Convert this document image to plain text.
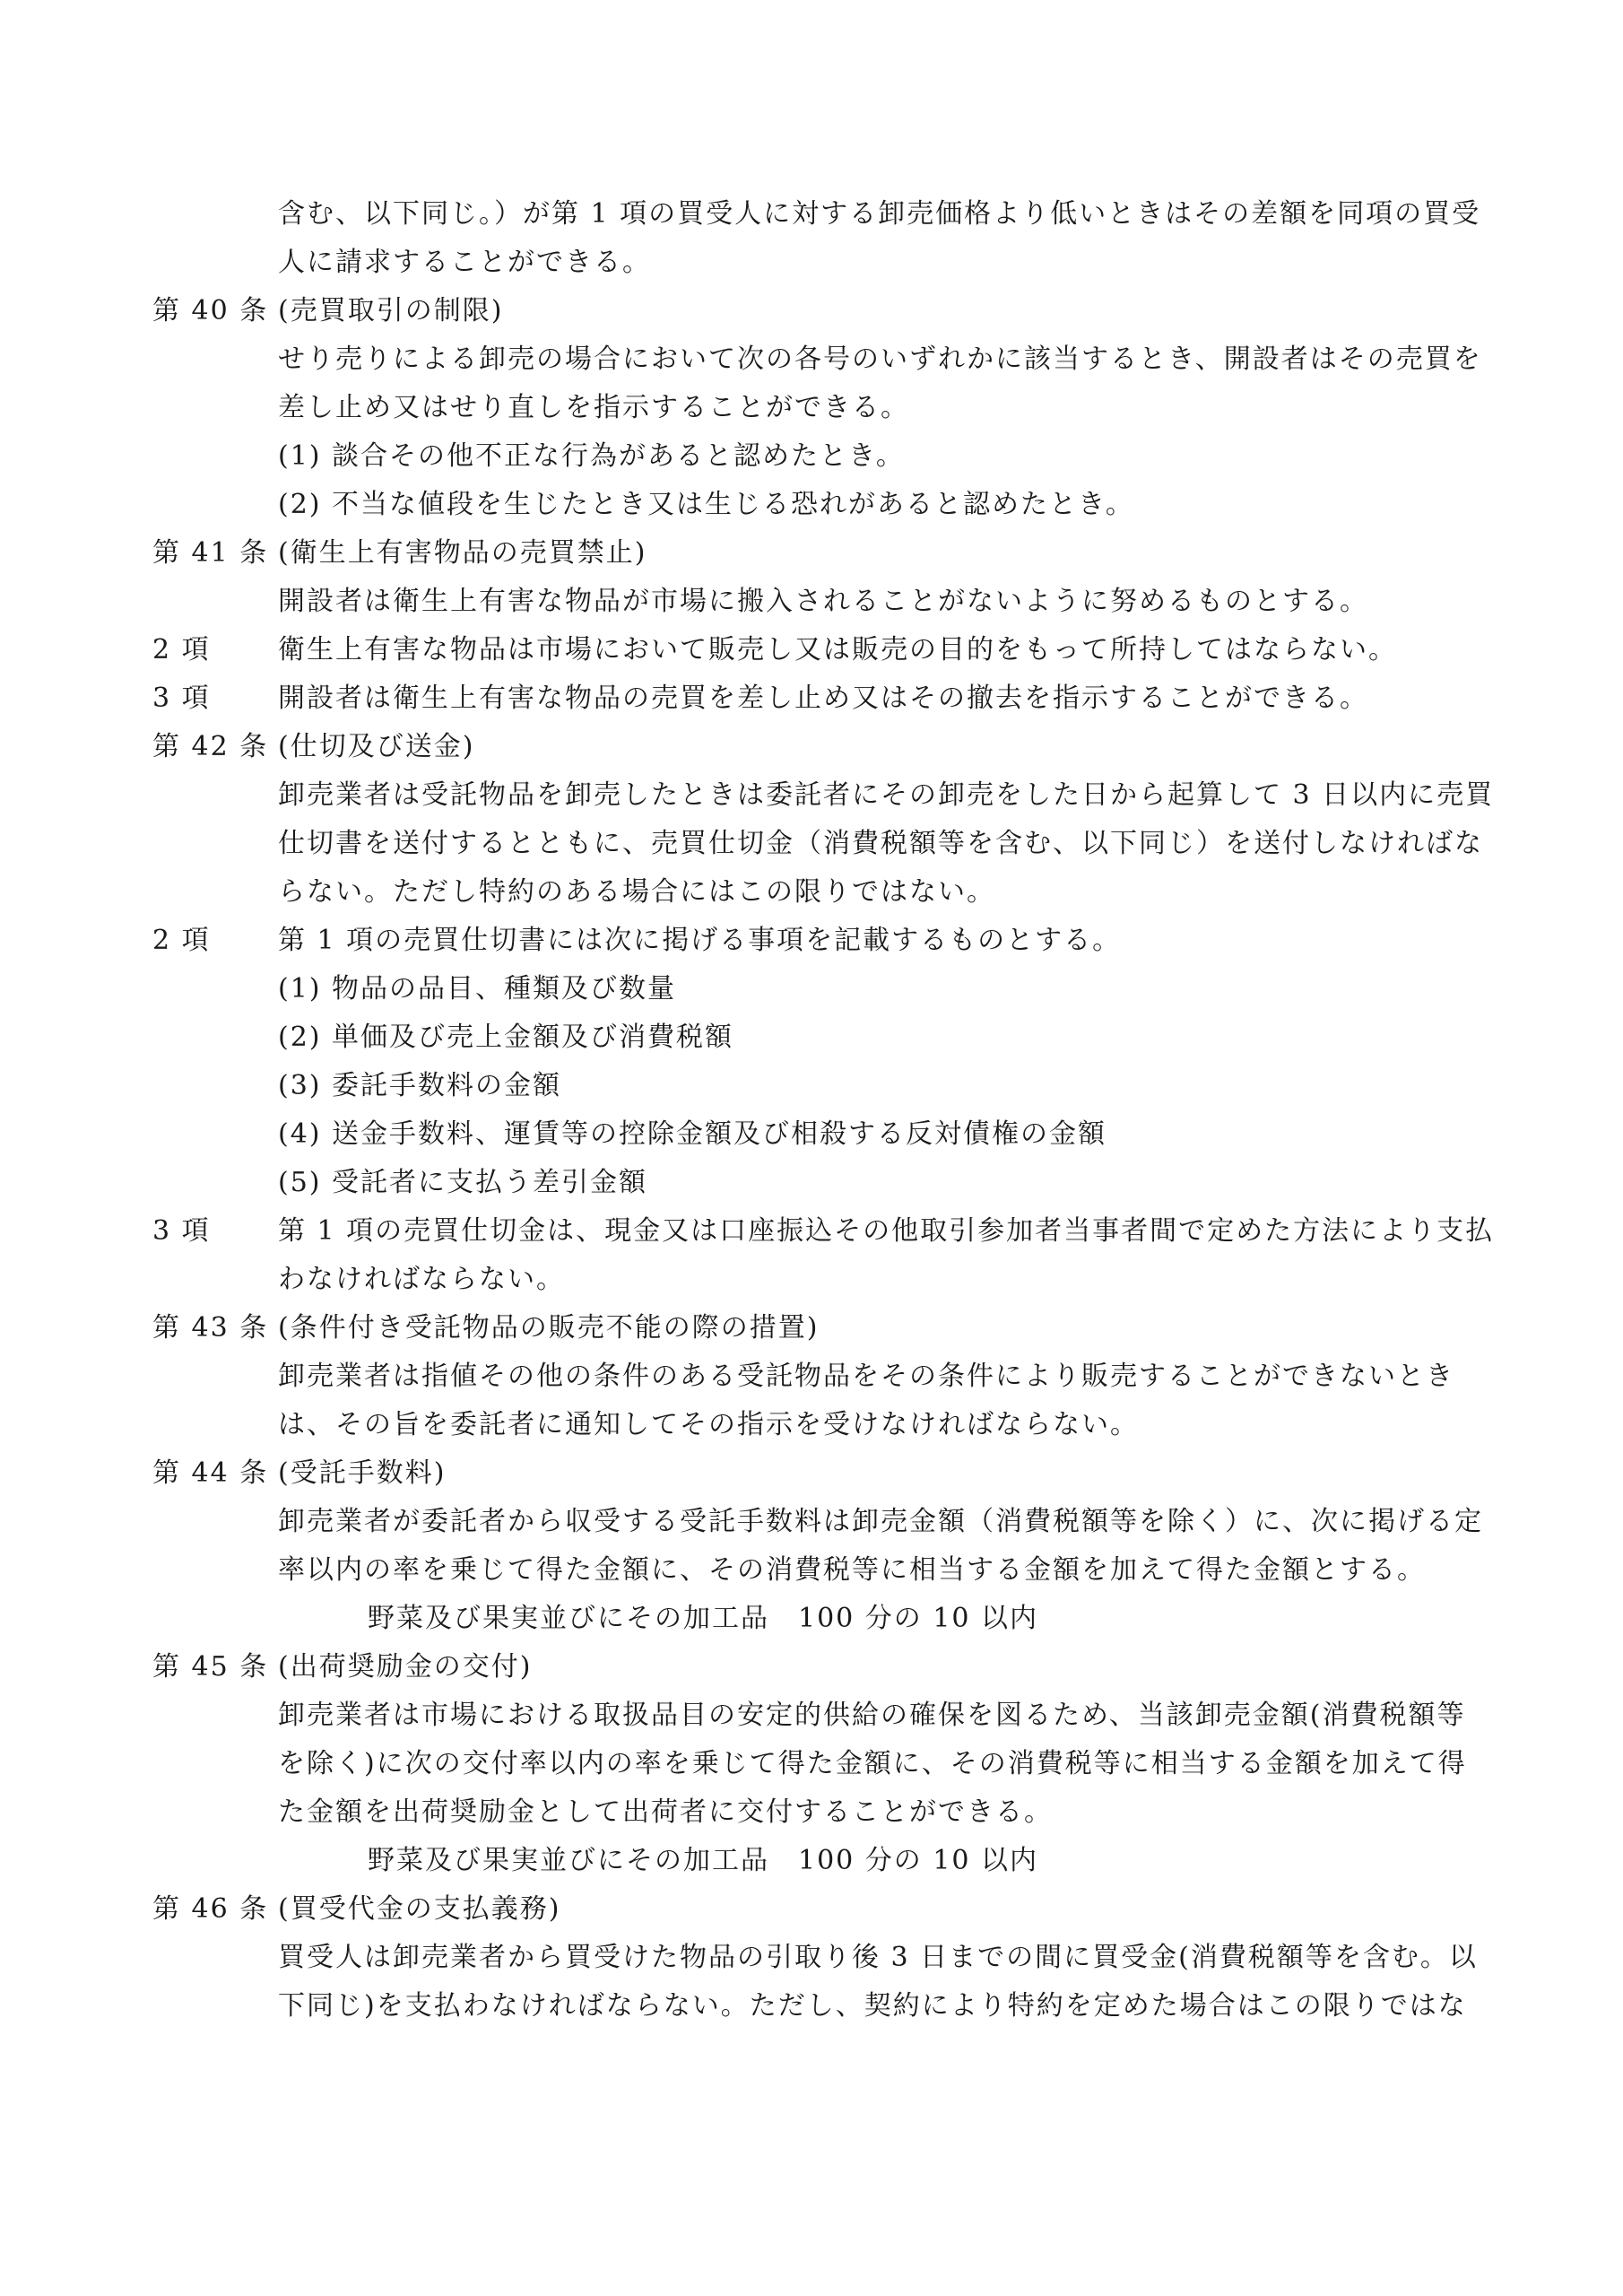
含む、以下同じ。）が第 1 項の買受人に対する卸売価格より低いときはその差額を同項の買受
人に請求することができる。
第 40 条 (売買取引の制限)
せり売りによる卸売の場合において次の各号のいずれかに該当するとき、開設者はその売買を
差し止め又はせり直しを指示することができる。
(1) 談合その他不正な行為があると認めたとき。
(2) 不当な値段を生じたとき又は生じる恐れがあると認めたとき。
第 41 条 (衛生上有害物品の売買禁止)
開設者は衛生上有害な物品が市場に搬入されることがないように努めるものとする。
2 項	衛生上有害な物品は市場において販売し又は販売の目的をもって所持してはならない。
3 項	開設者は衛生上有害な物品の売買を差し止め又はその撤去を指示することができる。
第 42 条 (仕切及び送金)
卸売業者は受託物品を卸売したときは委託者にその卸売をした日から起算して 3 日以内に売買
仕切書を送付するとともに、売買仕切金（消費税額等を含む、以下同じ）を送付しなければな
らない。ただし特約のある場合にはこの限りではない。
2 項	第 1 項の売買仕切書には次に掲げる事項を記載するものとする。
(1) 物品の品目、種類及び数量
(2) 単価及び売上金額及び消費税額
(3) 委託手数料の金額
(4) 送金手数料、運賃等の控除金額及び相殺する反対債権の金額
(5) 受託者に支払う差引金額
3 項	第 1 項の売買仕切金は、現金又は口座振込その他取引参加者当事者間で定めた方法により支払
わなければならない。
第 43 条 (条件付き受託物品の販売不能の際の措置)
卸売業者は指値その他の条件のある受託物品をその条件により販売することができないとき
は、その旨を委託者に通知してその指示を受けなければならない。
第 44 条 (受託手数料)
卸売業者が委託者から収受する受託手数料は卸売金額（消費税額等を除く）に、次に掲げる定
率以内の率を乗じて得た金額に、その消費税等に相当する金額を加えて得た金額とする。
野菜及び果実並びにその加工品　100 分の 10 以内
第 45 条 (出荷奨励金の交付)
卸売業者は市場における取扱品目の安定的供給の確保を図るため、当該卸売金額(消費税額等
を除く)に次の交付率以内の率を乗じて得た金額に、その消費税等に相当する金額を加えて得
た金額を出荷奨励金として出荷者に交付することができる。
野菜及び果実並びにその加工品　100 分の 10 以内
第 46 条 (買受代金の支払義務)
買受人は卸売業者から買受けた物品の引取り後 3 日までの間に買受金(消費税額等を含む。以
下同じ)を支払わなければならない。ただし、契約により特約を定めた場合はこの限りではな
